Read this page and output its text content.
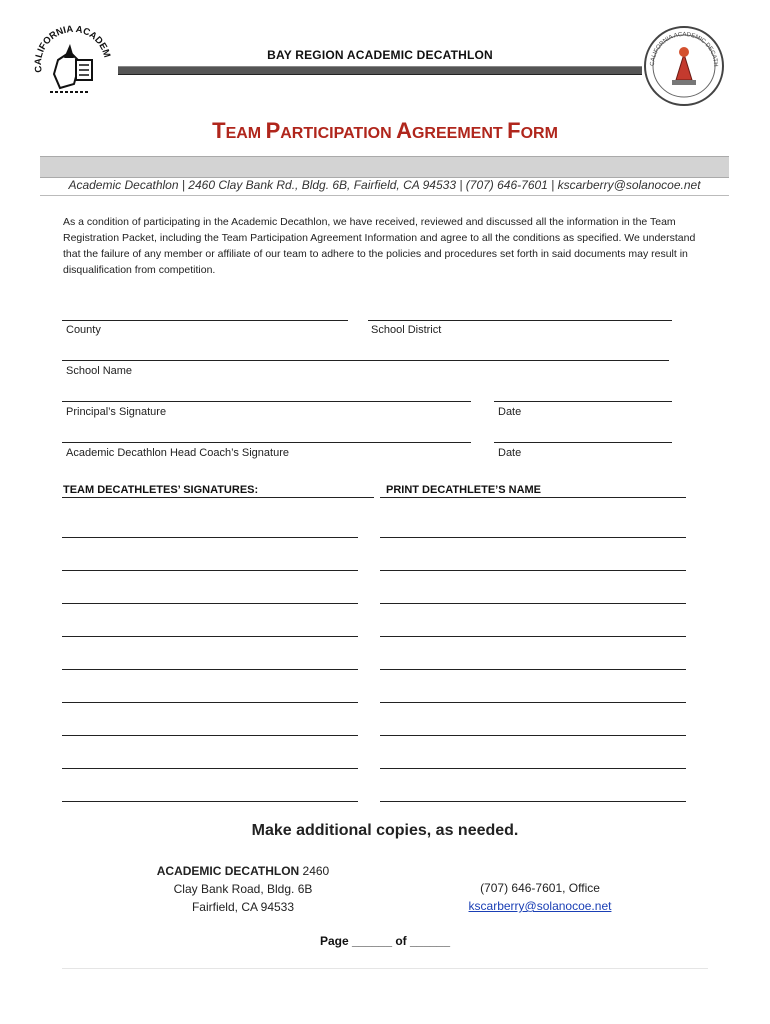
CALIFORNIA ACADEM	BAY REGION ACADEMIC DECATHLON
CALIFORNIA ACADEMIC DECATH
TEAM PARTICIPATION AGREEMENT FORM
Academic Decathlon | 2460 Clay Bank Rd., Bldg. 6B, Fairfield, CA 94533 | (707) 646-7601 | kscarberry@solanocoe.net
As a condition of participating in the Academic Decathlon, we have received, reviewed and discussed all the information in the Team Registration Packet, including the Team Participation Agreement Information and agree to all the conditions as specified. We understand that the failure of any member or affiliate of our team to adhere to the policies and procedures set forth in said documents may result in disqualification from competition.
County	School District
School Name
Principal’s Signature	Date
Academic Decathlon Head Coach’s Signature	Date
TEAM DECATHLETES’ SIGNATURES:	PRINT DECATHLETE’S NAME
Make additional copies, as needed.
ACADEMIC DECATHLON 2460
Clay Bank Road, Bldg. 6B
Fairfield, CA 94533
(707) 646-7601, Office
kscarberry@solanocoe.net
Page ______ of ______
